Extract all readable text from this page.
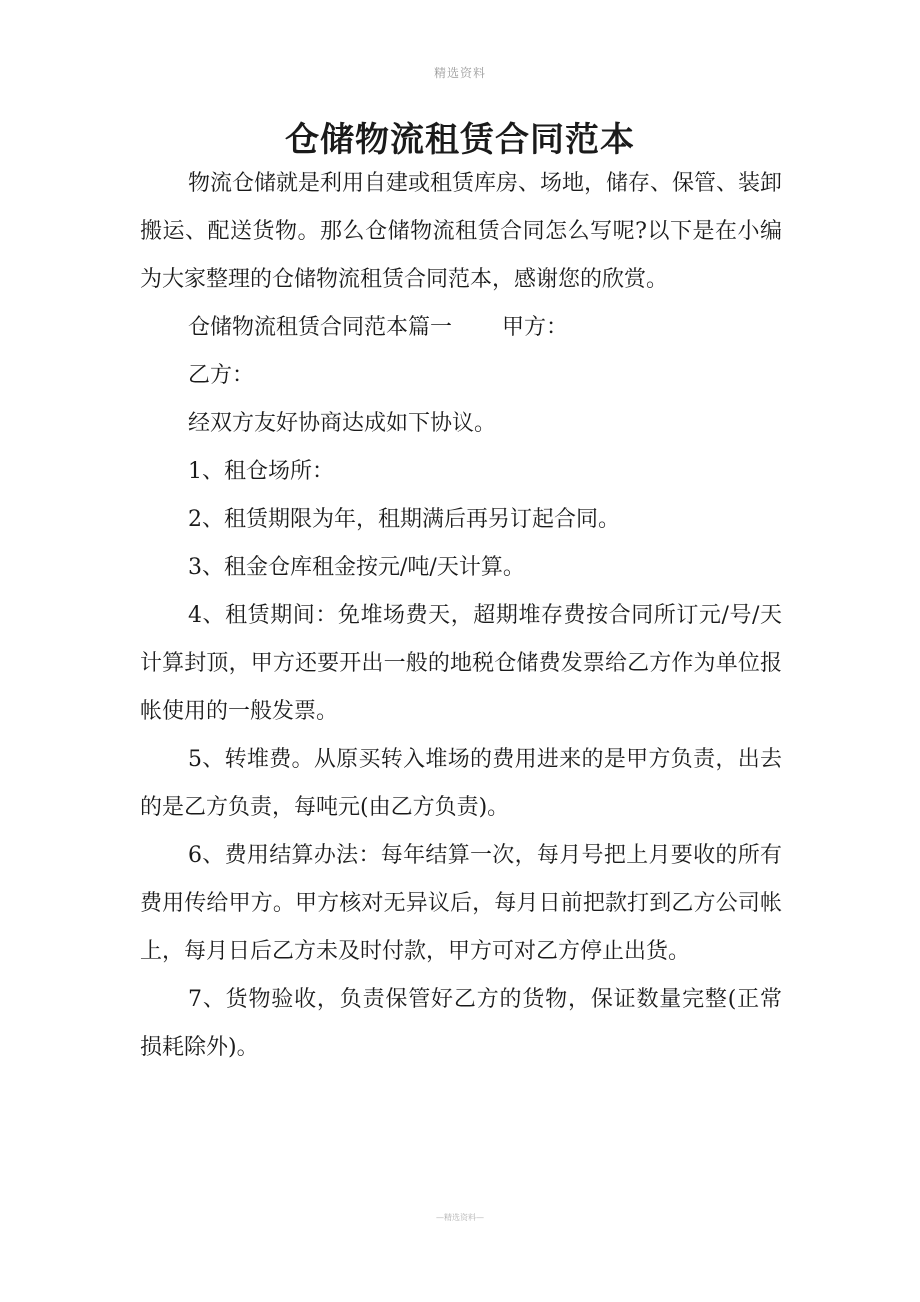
精选资料
仓储物流租赁合同范本

物流仓储就是利用自建或租赁库房、场地，储存、保管、装卸搬运、配送货物。那么仓储物流租赁合同怎么写呢?以下是在小编为大家整理的仓储物流租赁合同范本，感谢您的欣赏。

仓储物流租赁合同范本篇一 甲方：

乙方：

经双方友好协商达成如下协议。

1、租仓场所：

2、租赁期限为年，租期满后再另订起合同。

3、租金仓库租金按元/吨/天计算。

4、租赁期间：免堆场费天，超期堆存费按合同所订元/号/天计算封顶，甲方还要开出一般的地税仓储费发票给乙方作为单位报帐使用的一般发票。

5、转堆费。从原买转入堆场的费用进来的是甲方负责，出去的是乙方负责，每吨元(由乙方负责)。

6、费用结算办法：每年结算一次，每月号把上月要收的所有费用传给甲方。甲方核对无异议后，每月日前把款打到乙方公司帐上，每月日后乙方未及时付款，甲方可对乙方停止出货。

7、货物验收，负责保管好乙方的货物，保证数量完整(正常损耗除外)。

—精选资料—
